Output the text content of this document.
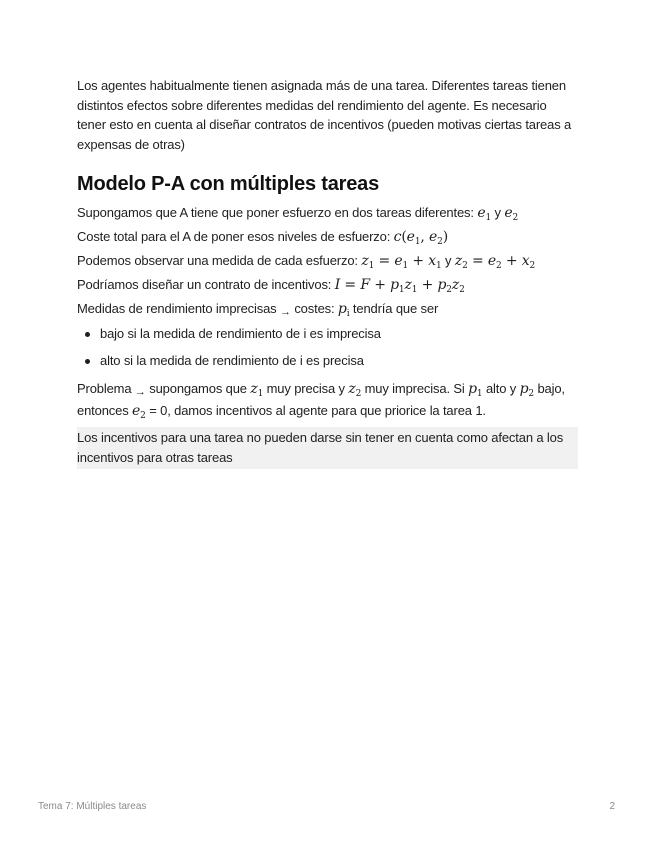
Los agentes habitualmente tienen asignada más de una tarea. Diferentes tareas tienen distintos efectos sobre diferentes medidas del rendimiento del agente. Es necesario tener esto en cuenta al diseñar contratos de incentivos (pueden motivas ciertas tareas a expensas de otras)

Modelo P-A con múltiples tareas

Supongamos que A tiene que poner esfuerzo en dos tareas diferentes: $e_1$ y $e_2$

Coste total para el A de poner esos niveles de esfuerzo: $c(e_1$, $e_2$)

Podemos observar una medida de cada esfuerzo: $z_1 = e_1 + x_1$ y $z_2 = e_2 + x_2$

Podríamos diseñar un contrato de incentivos: $I = F + p_1z_1 + p_2z_2$

Medidas de rendimiento imprecisas → costes: $p_i$ tendría que ser

bajo si la medida de rendimiento de i es imprecisa
alto si la medida de rendimiento de i es precisa

Problema → supongamos que $z_1$ muy precisa y $z_2$ muy imprecisa. Si $p_1$ alto y $p_2$ bajo,
entonces $e_2 = 0$, damos incentivos al agente para que priorice la tarea 1.

Los incentivos para una tarea no pueden darse sin tener en cuenta como afectan a los incentivos para otras tareas
Tema 7: Múltiples tareas	2
